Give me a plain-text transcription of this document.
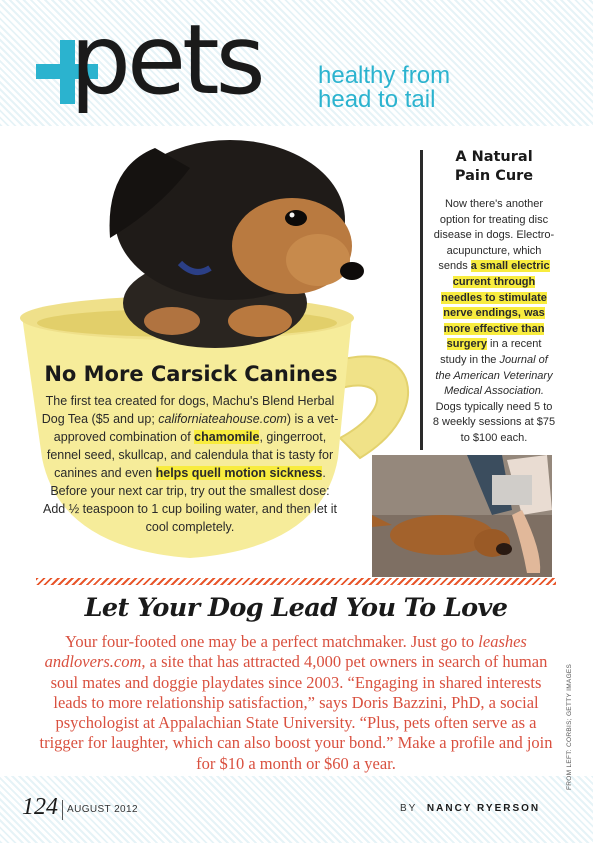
pets healthy from
head to tail
No More Carsick Canines

The first tea created for dogs, Machu's Blend Herbal Dog Tea ($5 and up; californiateahouse.com) is a vet-approved combination of chamomile, gingerroot, fennel seed, skullcap, and calendula that is tasty for canines and even helps quell motion sickness. Before your next car trip, try out the smallest dose: Add ½ teaspoon to 1 cup boiling water, and then let it cool completely.

A Natural
Pain Cure

Now there's another option for treating disc disease in dogs. Electro-acupuncture, which sends a small electric current through needles to stimulate nerve endings, was more effective than surgery in a recent study in the Journal of the American Veterinary Medical Association. Dogs typically need 5 to 8 weekly sessions at $75 to $100 each.

Let Your Dog Lead You To Love

Your four-footed one may be a perfect matchmaker. Just go to leashes andlovers.com, a site that has attracted 4,000 pet owners in search of human soul mates and doggie playdates since 2003. “Engaging in shared interests leads to more relationship satisfaction,” says Doris Bazzini, PhD, a social psychologist at Appalachian State University. “Plus, pets often serve as a trigger for laughter, which can also boost your bond.” Make a profile and join for $10 a month or $60 a year.	FROM LEFT: CORBIS; GETTY IMAGES
124 AUGUST 2012	BY NANCY RYERSON
